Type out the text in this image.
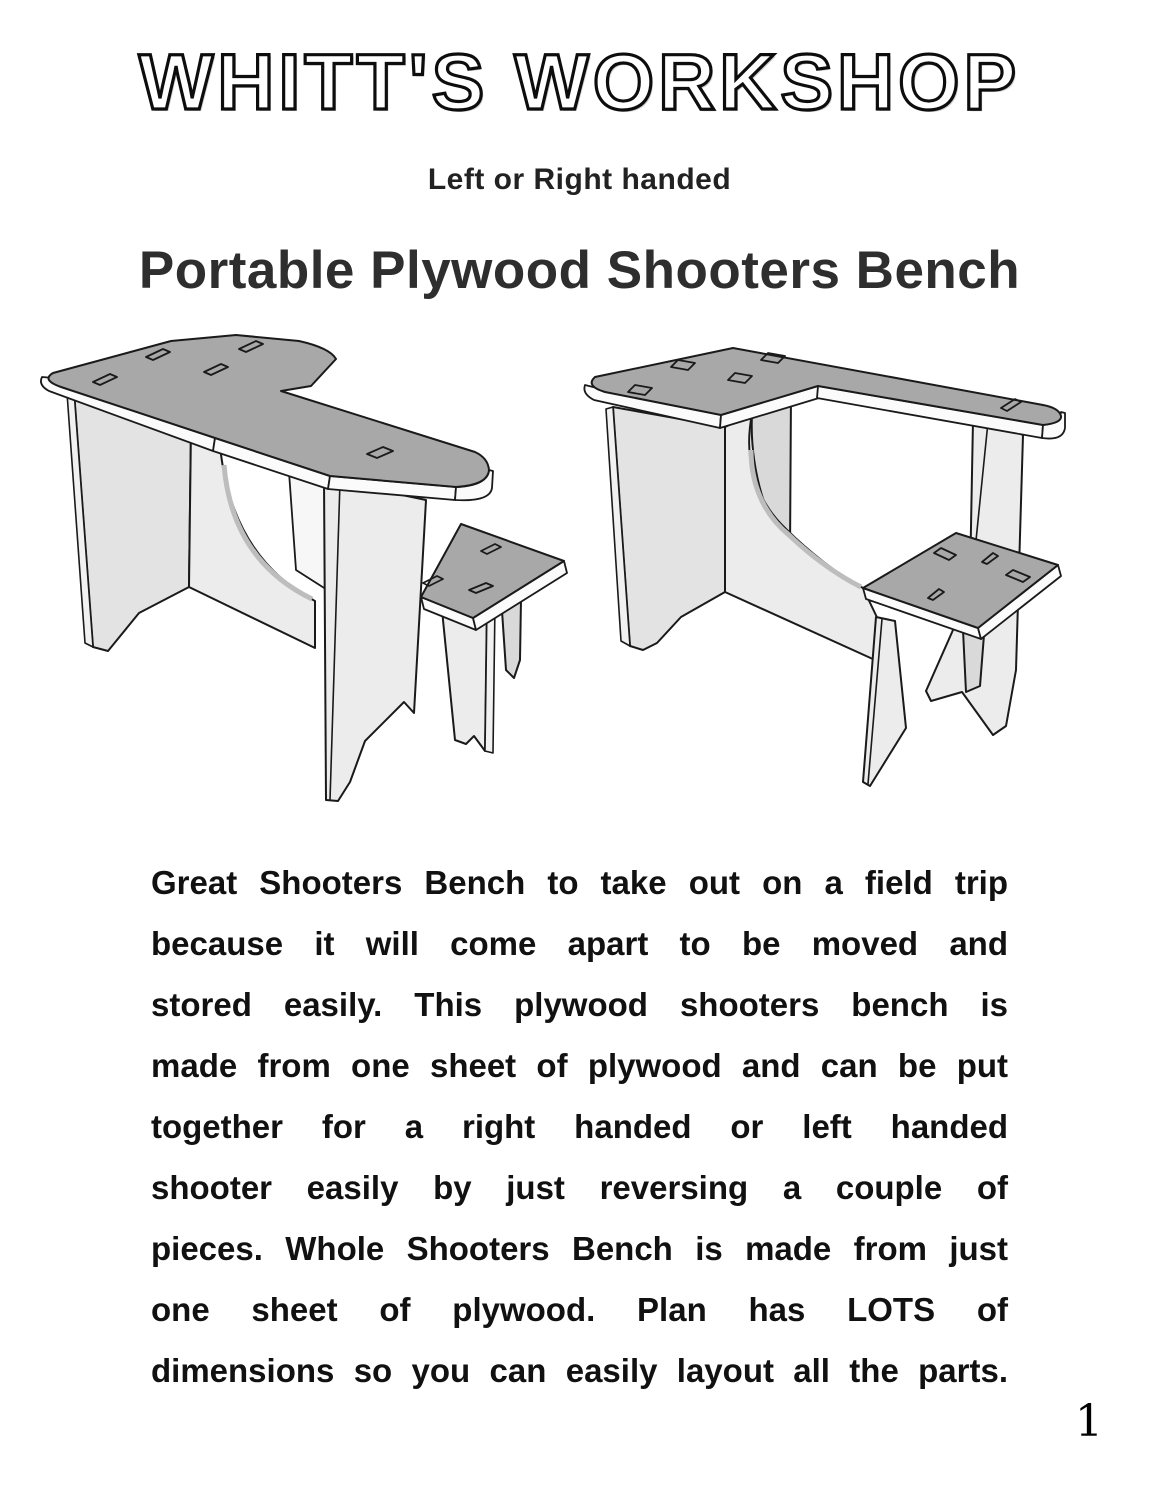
WHITT'S WORKSHOP
Left or Right handed
Portable Plywood Shooters Bench
Great Shooters Bench to take out on a field trip
because it will come apart to be moved and
stored easily. This plywood shooters bench is
made from one sheet of plywood and can be put
together for a right handed or left handed
shooter easily by just reversing a couple of
pieces. Whole Shooters Bench is made from just
one sheet of plywood. Plan has LOTS of
dimensions so you can easily layout all the parts.
1
